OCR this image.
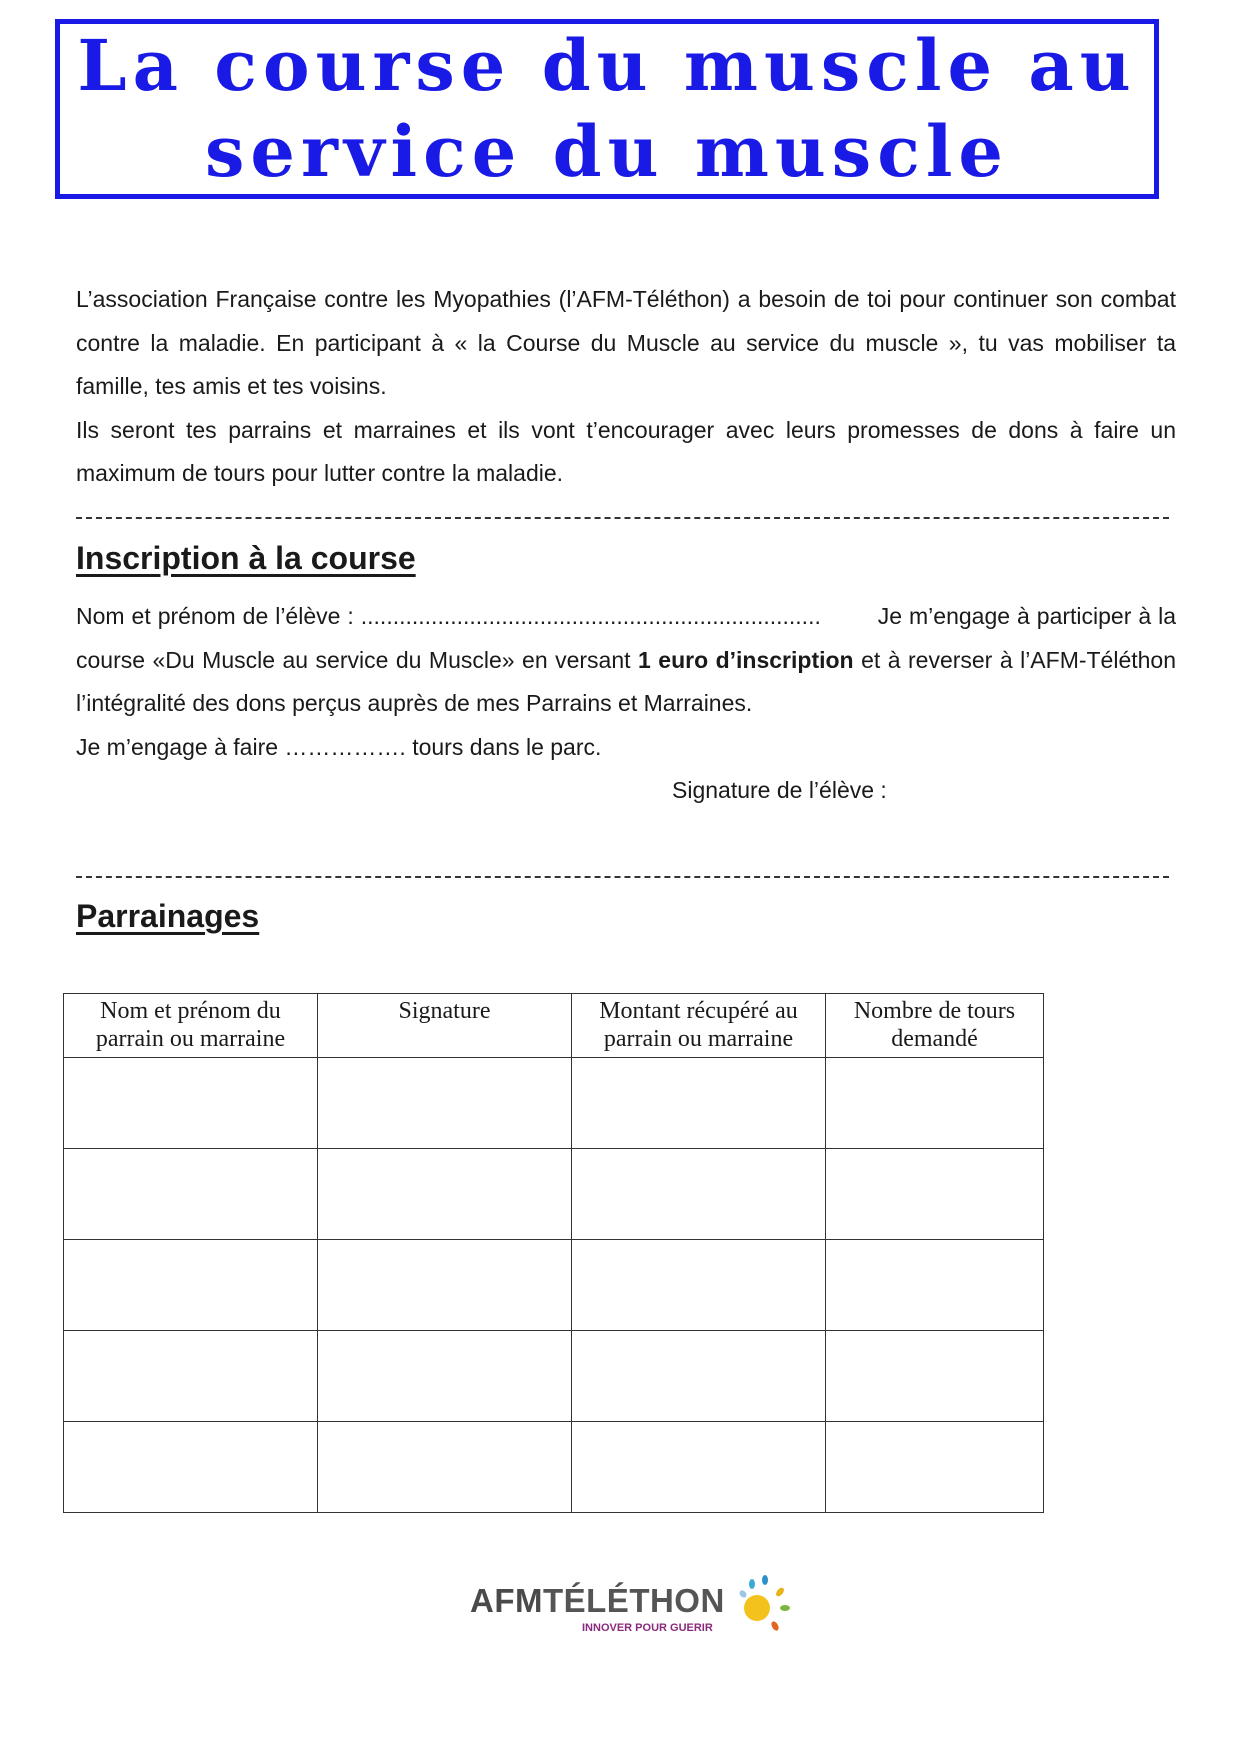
La course du muscle au
service du muscle

L’association Française contre les Myopathies (l’AFM-Téléthon) a besoin de toi pour continuer son combat contre la maladie. En participant à « la Course du Muscle au service du muscle », tu vas mobiliser ta famille, tes amis et tes voisins.

Ils seront tes parrains et marraines et ils vont t’encourager avec leurs promesses de dons à faire un maximum de tours pour lutter contre la maladie.

Inscription à la course

Nom et prénom de l’élève : ........................................................................ Je m’engage à participer à la course «Du Muscle au service du Muscle» en versant 1 euro d’inscription et à reverser à l’AFM-Téléthon l’intégralité des dons perçus auprès de mes Parrains et Marraines.

Je m’engage à faire ……………. tours dans le parc.

Signature de l’élève :

Parrainages
Nom et prénom du parrain ou marraine	Signature	Montant récupéré au parrain ou marraine	Nombre de tours demandé

AFMTÉLÉTHON
INNOVER POUR GUERIR
